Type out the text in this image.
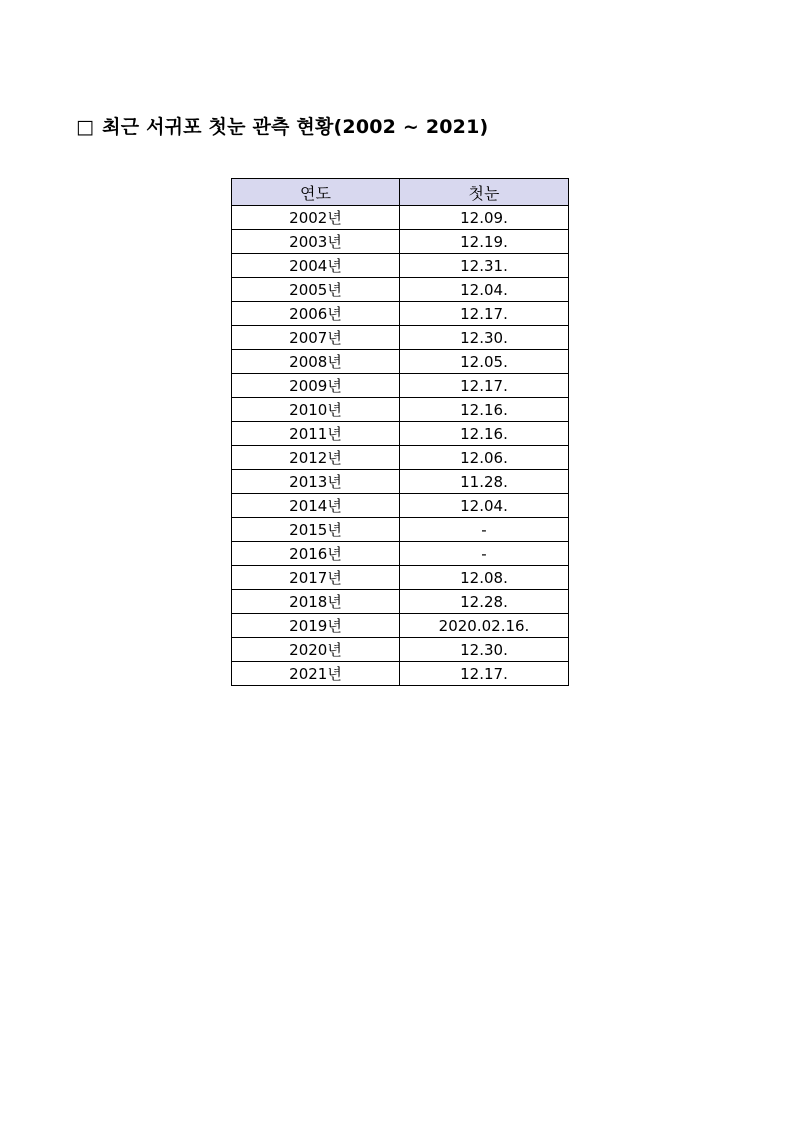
□ 최근 서귀포 첫눈 관측 현황(2002 ~ 2021)
연도	첫눈
2002년	12.09.
2003년	12.19.
2004년	12.31.
2005년	12.04.
2006년	12.17.
2007년	12.30.
2008년	12.05.
2009년	12.17.
2010년	12.16.
2011년	12.16.
2012년	12.06.
2013년	11.28.
2014년	12.04.
2015년	-
2016년	-
2017년	12.08.
2018년	12.28.
2019년	2020.02.16.
2020년	12.30.
2021년	12.17.
